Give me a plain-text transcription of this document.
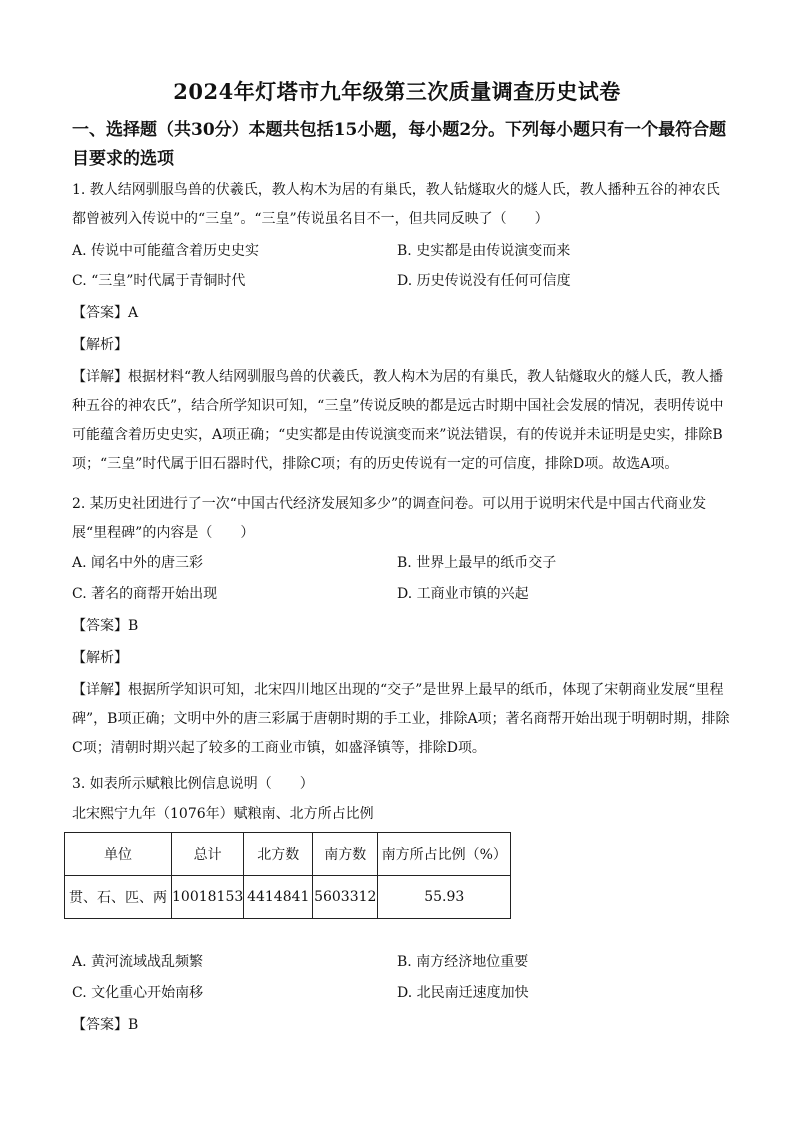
2024年灯塔市九年级第三次质量调查历史试卷
一、选择题（共30分）本题共包括15小题，每小题2分。下列每小题只有一个最符合题目要求的选项

1. 教人结网驯服鸟兽的伏羲氏，教人构木为居的有巢氏，教人钻燧取火的燧人氏，教人播种五谷的神农氏都曾被列入传说中的“三皇”。“三皇”传说虽名目不一，但共同反映了（　　）

A. 传说中可能蕴含着历史史实	B. 史实都是由传说演变而来
C. “三皇”时代属于青铜时代	D. 历史传说没有任何可信度
【答案】A
【解析】

【详解】根据材料“教人结网驯服鸟兽的伏羲氏，教人构木为居的有巢氏，教人钻燧取火的燧人氏，教人播种五谷的神农氏”，结合所学知识可知，“三皇”传说反映的都是远古时期中国社会发展的情况，表明传说中可能蕴含着历史史实，A项正确；“史实都是由传说演变而来”说法错误，有的传说并未证明是史实，排除B项；“三皇”时代属于旧石器时代，排除C项；有的历史传说有一定的可信度，排除D项。故选A项。

2. 某历史社团进行了一次“中国古代经济发展知多少”的调查问卷。可以用于说明宋代是中国古代商业发展“里程碑”的内容是（　　）

A. 闻名中外的唐三彩	B. 世界上最早的纸币交子
C. 著名的商帮开始出现	D. 工商业市镇的兴起
【答案】B
【解析】

【详解】根据所学知识可知，北宋四川地区出现的“交子”是世界上最早的纸币，体现了宋朝商业发展“里程碑”，B项正确；文明中外的唐三彩属于唐朝时期的手工业，排除A项；著名商帮开始出现于明朝时期，排除C项；清朝时期兴起了较多的工商业市镇，如盛泽镇等，排除D项。

3. 如表所示赋粮比例信息说明（　　）

北宋熙宁九年（1076年）赋粮南、北方所占比例
单位	总计	北方数	南方数	南方所占比例（%）
贯、石、匹、两	10018153	4414841	5603312	55.93
A. 黄河流域战乱频繁	B. 南方经济地位重要
C. 文化重心开始南移	D. 北民南迁速度加快
【答案】B
